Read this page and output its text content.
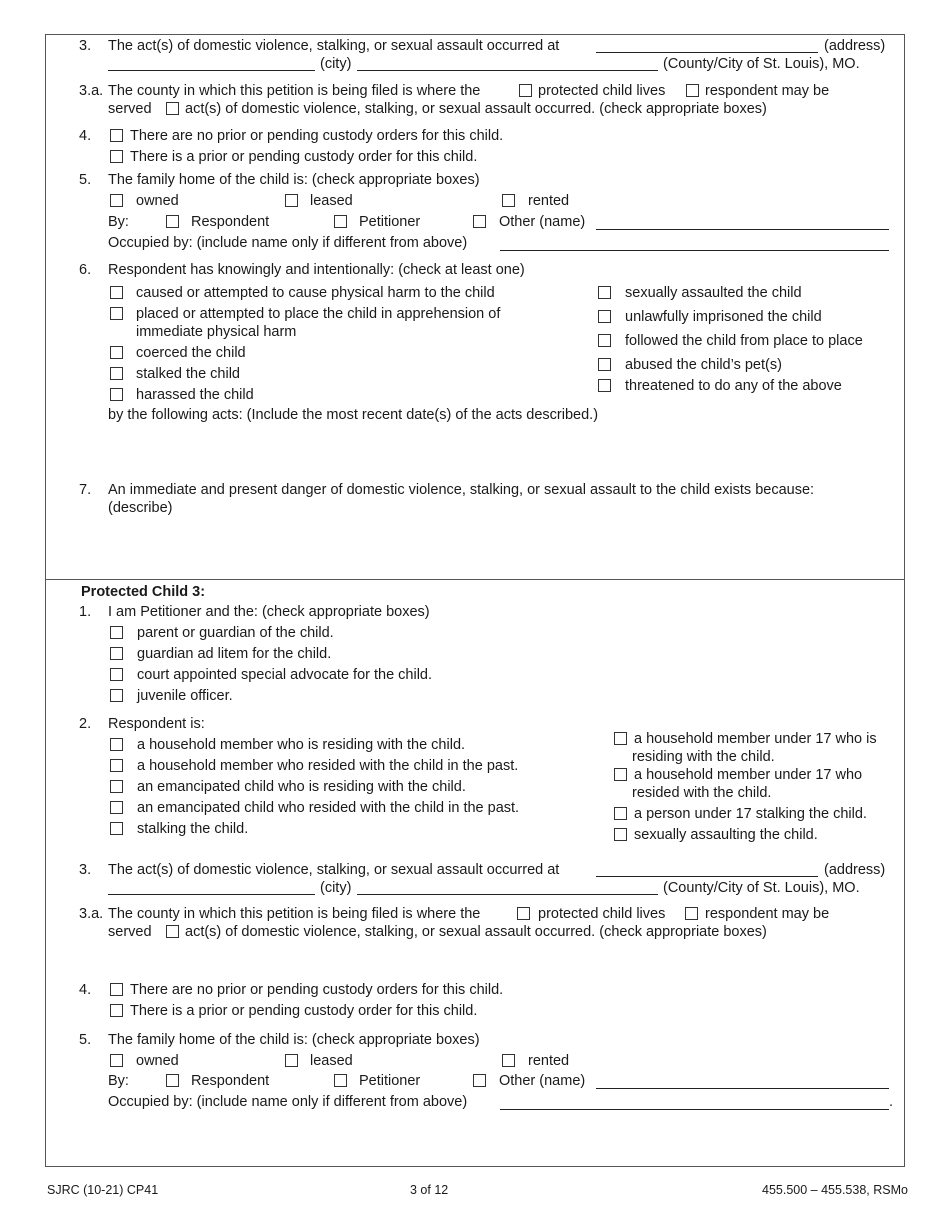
3. The act(s) of domestic violence, stalking, or sexual assault occurred at	(address)
(city)	(County/City of St. Louis), MO.
3.a. The county in which this petition is being filed is where the	protected child lives	respondent may be
served act(s) of domestic violence, stalking, or sexual assault occurred. (check appropriate boxes)
4.	There are no prior or pending custody orders for this child.
There is a prior or pending custody order for this child.
5. The family home of the child is: (check appropriate boxes)
owned	leased	rented
By:	Respondent	Petitioner	Other (name)
Occupied by: (include name only if different from above)
6. Respondent has knowingly and intentionally: (check at least one)
caused or attempted to cause physical harm to the child
placed or attempted to place the child in apprehension of
immediate physical harm
coerced the child
stalked the child
harassed the child
sexually assaulted the child
unlawfully imprisoned the child
followed the child from place to place
abused the child’s pet(s)
threatened to do any of the above
by the following acts: (Include the most recent date(s) of the acts described.)
7. An immediate and present danger of domestic violence, stalking, or sexual assault to the child exists because:
(describe)
Protected Child 3:
1. I am Petitioner and the: (check appropriate boxes)
parent or guardian of the child.
guardian ad litem for the child.
court appointed special advocate for the child.
juvenile officer.
2. Respondent is:
a household member who is residing with the child.
a household member who resided with the child in the past.
an emancipated child who is residing with the child.
an emancipated child who resided with the child in the past.
stalking the child.
a household member under 17 who is
residing with the child.
a household member under 17 who
resided with the child.
a person under 17 stalking the child.
sexually assaulting the child.
3. The act(s) of domestic violence, stalking, or sexual assault occurred at	(address)
(city)	(County/City of St. Louis), MO.
3.a. The county in which this petition is being filed is where the	protected child lives	respondent may be
served act(s) of domestic violence, stalking, or sexual assault occurred. (check appropriate boxes)
4.	There are no prior or pending custody orders for this child.
There is a prior or pending custody order for this child.
5. The family home of the child is: (check appropriate boxes)
owned	leased	rented
By:	Respondent	Petitioner	Other (name)
Occupied by: (include name only if different from above)	.
SJRC (10-21) CP41	3 of 12	455.500 – 455.538, RSMo
